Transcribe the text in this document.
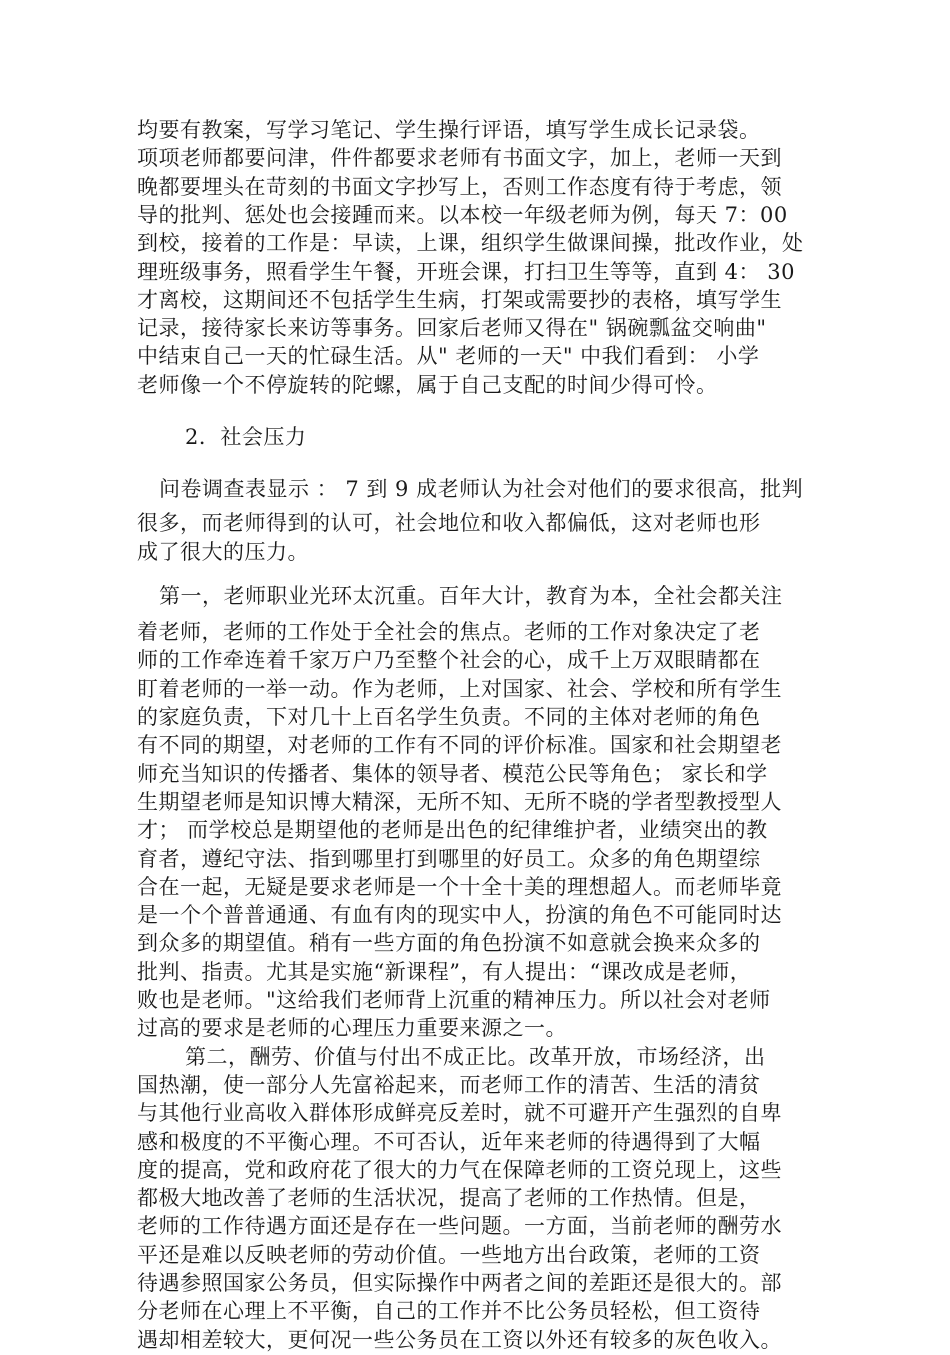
均要有教案，写学习笔记、学生操行评语，填写学生成长记录袋。
项项老师都要问津，件件都要求老师有书面文字，加上，老师一天到
晚都要埋头在苛刻的书面文字抄写上，否则工作态度有待于考虑，领
导的批判、惩处也会接踵而来。以本校一年级老师为例，每天 7：00
到校，接着的工作是：早读，上课，组织学生做课间操，批改作业，处
理班级事务，照看学生午餐，开班会课，打扫卫生等等，直到 4： 30
才离校，这期间还不包括学生生病，打架或需要抄的表格，填写学生
记录，接待家长来访等事务。回家后老师又得在" 锅碗瓢盆交响曲"
中结束自己一天的忙碌生活。从" 老师的一天" 中我们看到： 小学
老师像一个不停旋转的陀螺，属于自己支配的时间少得可怜。
2．社会压力
问卷调查表显示 ： 7 到 9 成老师认为社会对他们的要求很高，批判
很多，而老师得到的认可，社会地位和收入都偏低，这对老师也形
成了很大的压力。
第一，老师职业光环太沉重。百年大计，教育为本，全社会都关注
着老师，老师的工作处于全社会的焦点。老师的工作对象决定了老
师的工作牵连着千家万户乃至整个社会的心，成千上万双眼睛都在
盯着老师的一举一动。作为老师，上对国家、社会、学校和所有学生
的家庭负责，下对几十上百名学生负责。不同的主体对老师的角色
有不同的期望，对老师的工作有不同的评价标准。国家和社会期望老
师充当知识的传播者、集体的领导者、模范公民等角色； 家长和学
生期望老师是知识博大精深，无所不知、无所不晓的学者型教授型人
才； 而学校总是期望他的老师是出色的纪律维护者，业绩突出的教
育者，遵纪守法、指到哪里打到哪里的好员工。众多的角色期望综
合在一起，无疑是要求老师是一个十全十美的理想超人。而老师毕竟
是一个个普普通通、有血有肉的现实中人，扮演的角色不可能同时达
到众多的期望值。稍有一些方面的角色扮演不如意就会换来众多的
批判、指责。尤其是实施“新课程”，有人提出：“课改成是老师，
败也是老师。"这给我们老师背上沉重的精神压力。所以社会对老师
过高的要求是老师的心理压力重要来源之一。
第二，酬劳、价值与付出不成正比。改革开放，市场经济，出
国热潮，使一部分人先富裕起来，而老师工作的清苦、生活的清贫
与其他行业高收入群体形成鲜亮反差时，就不可避开产生强烈的自卑
感和极度的不平衡心理。不可否认，近年来老师的待遇得到了大幅
度的提高，党和政府花了很大的力气在保障老师的工资兑现上，这些
都极大地改善了老师的生活状况，提高了老师的工作热情。但是，
老师的工作待遇方面还是存在一些问题。一方面，当前老师的酬劳水
平还是难以反映老师的劳动价值。一些地方出台政策，老师的工资
待遇参照国家公务员，但实际操作中两者之间的差距还是很大的。部
分老师在心理上不平衡，自己的工作并不比公务员轻松，但工资待
遇却相差较大，更何况一些公务员在工资以外还有较多的灰色收入。
